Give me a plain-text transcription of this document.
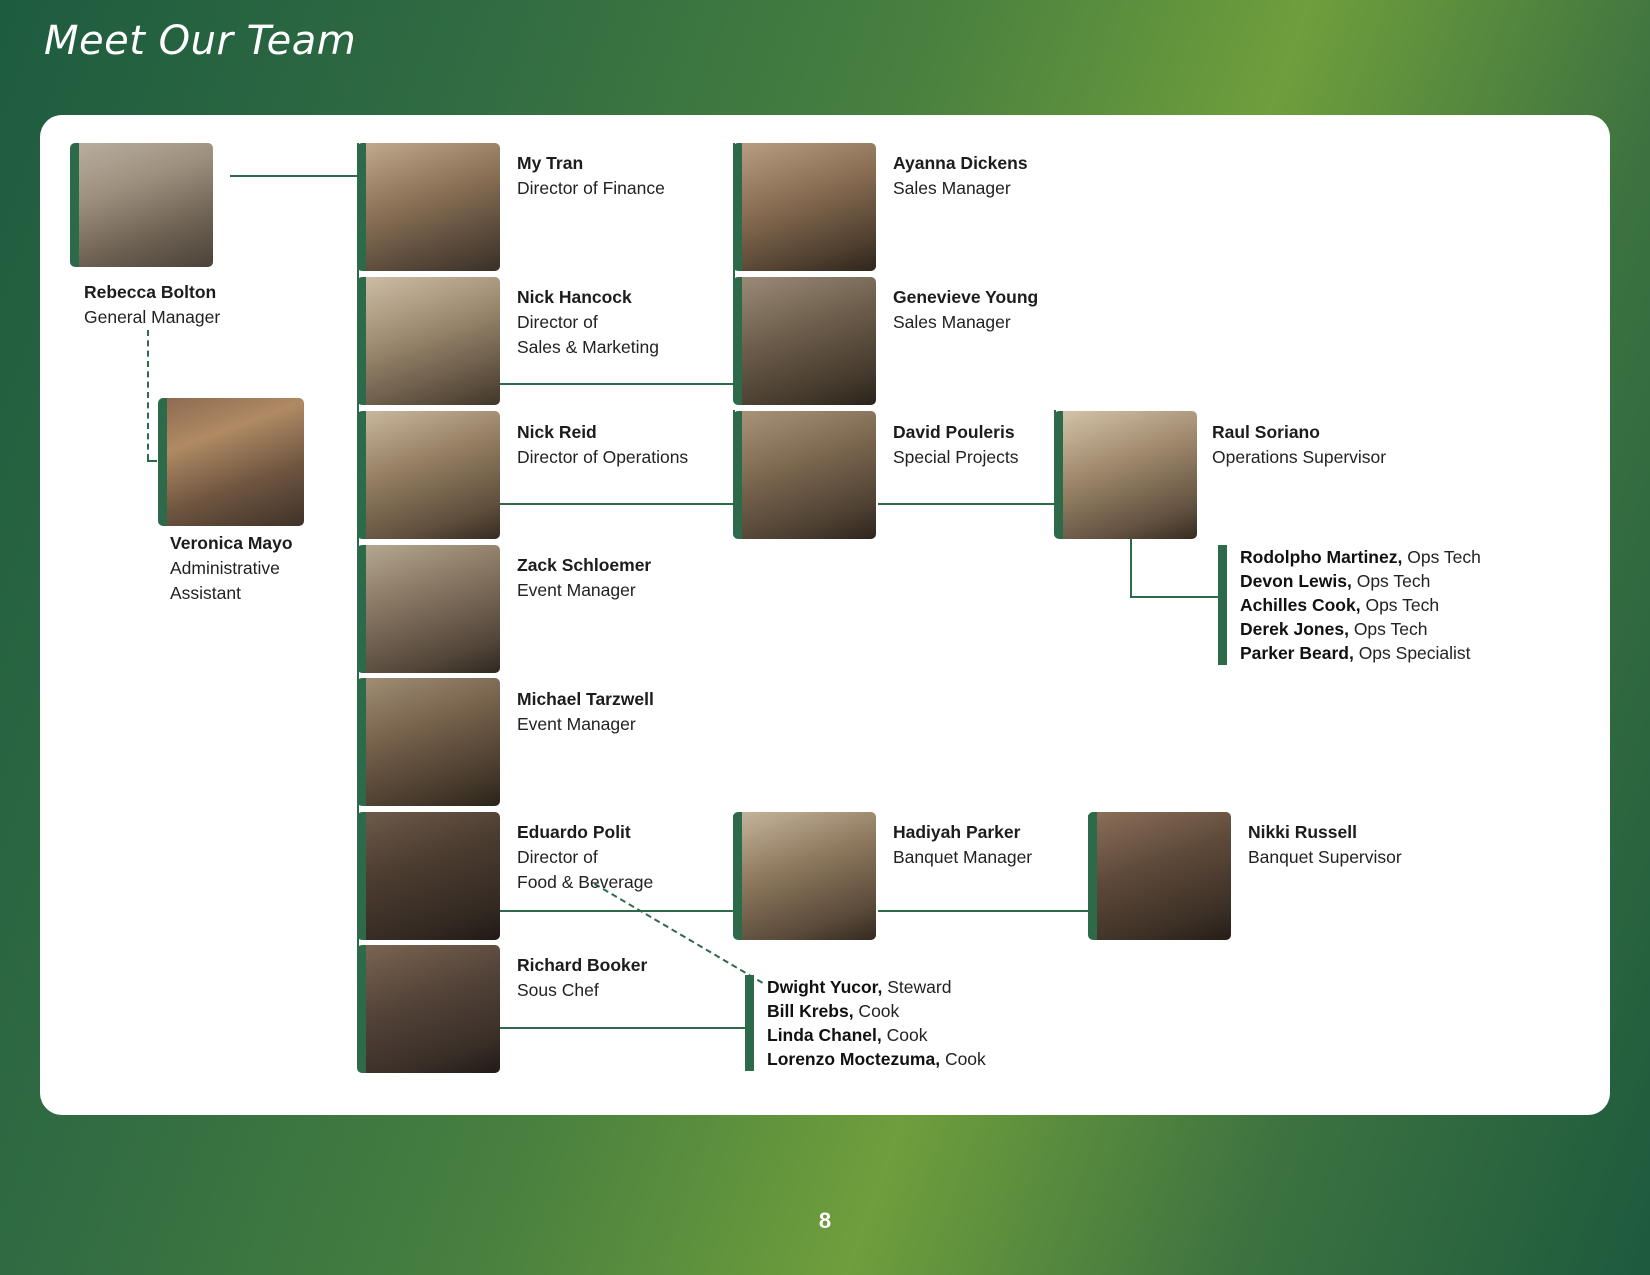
Meet Our Team
Rebecca Bolton
General Manager
Veronica Mayo
Administrative
Assistant
My Tran
Director of Finance
Nick Hancock
Director of
Sales & Marketing
Ayanna Dickens
Sales Manager
Genevieve Young
Sales Manager
Nick Reid
Director of Operations
David Pouleris
Special Projects
Raul Soriano
Operations Supervisor
Rodolpho Martinez, Ops Tech
Devon Lewis, Ops Tech
Achilles Cook, Ops Tech
Derek Jones, Ops Tech
Parker Beard, Ops Specialist
Zack Schloemer
Event Manager
Michael Tarzwell
Event Manager
Eduardo Polit
Director of
Food & Beverage
Hadiyah Parker
Banquet Manager
Nikki Russell
Banquet Supervisor
Richard Booker
Sous Chef	Dwight Yucor, Steward
Bill Krebs, Cook
Linda Chanel, Cook
Lorenzo Moctezuma, Cook
8
